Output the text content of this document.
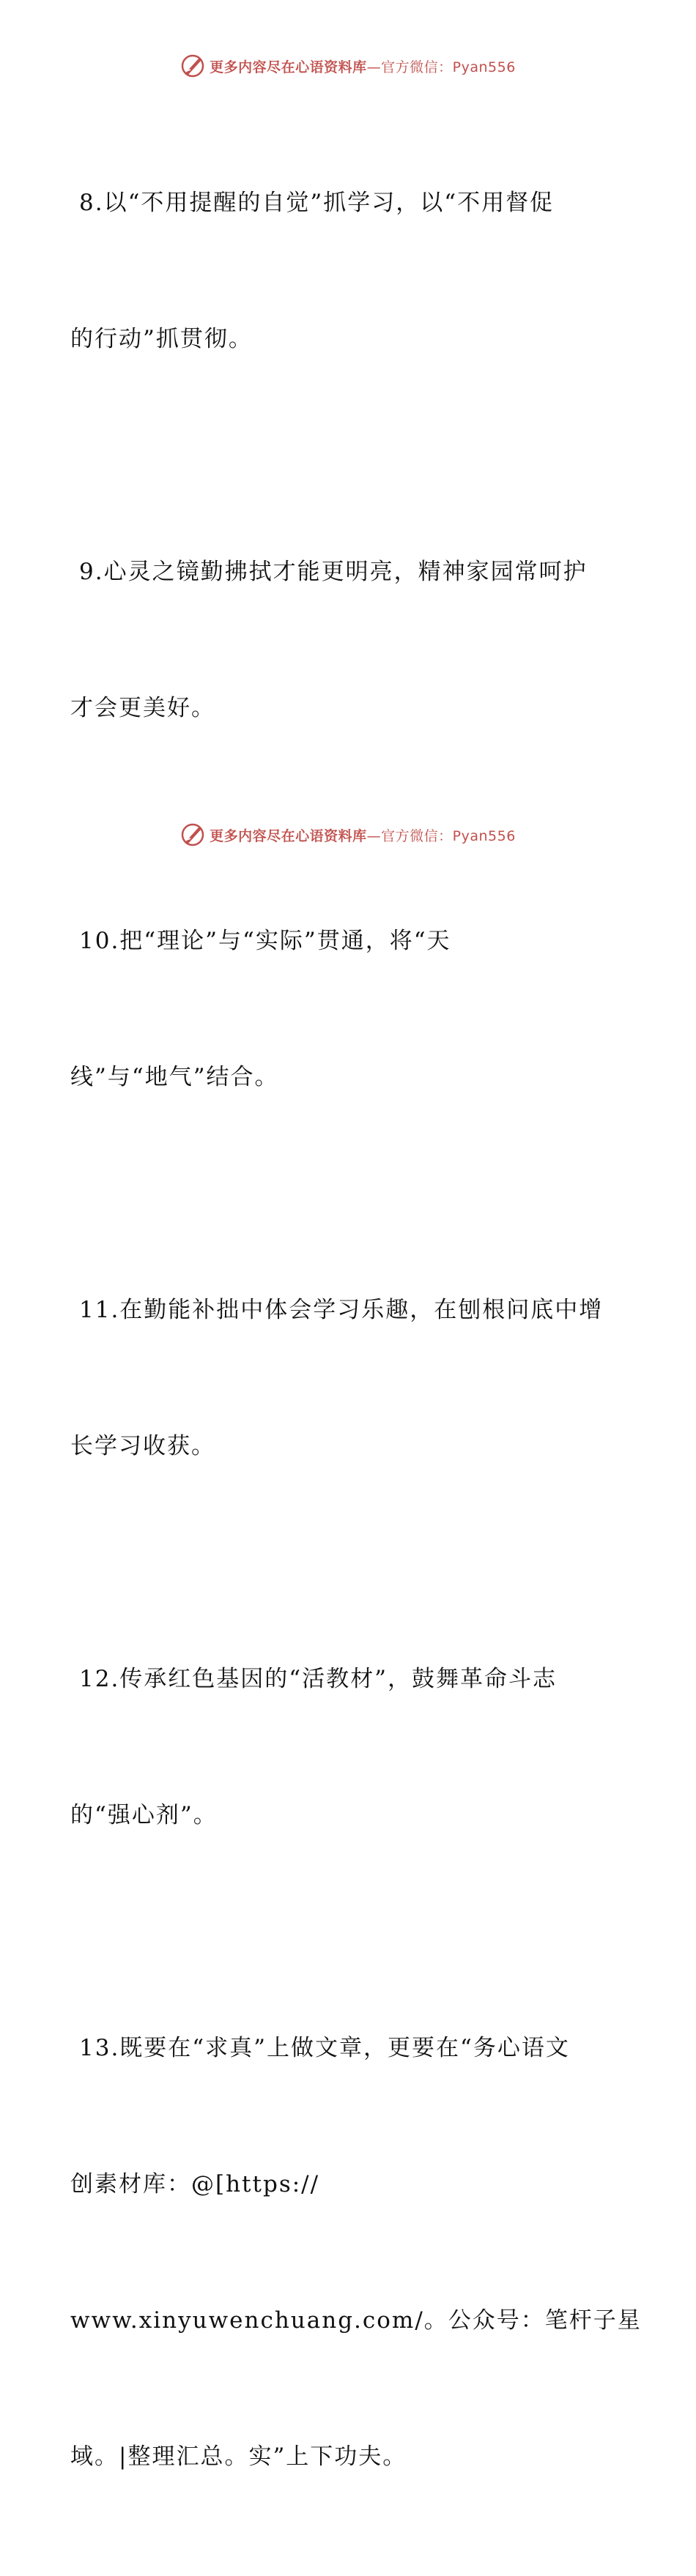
更多内容尽在心语资料库—官方微信：Pyan556

8.以“不用提醒的自觉”抓学习，以“不用督促

的行动”抓贯彻。

9.心灵之镜勤拂拭才能更明亮，精神家园常呵护

才会更美好。

10.把“理论”与“实际”贯通，将“天

线”与“地气”结合。

11.在勤能补拙中体会学习乐趣，在刨根问底中增

长学习收获。

12.传承红色基因的“活教材”，鼓舞革命斗志

的“强心剂”。

13.既要在“求真”上做文章，更要在“务心语文

创素材库：@[https://

www.xinyuwenchuang.com/。公众号：笔杆子星

域。|整理汇总。实”上下功夫。

更多内容尽在心语资料库—官方微信：Pyan556
